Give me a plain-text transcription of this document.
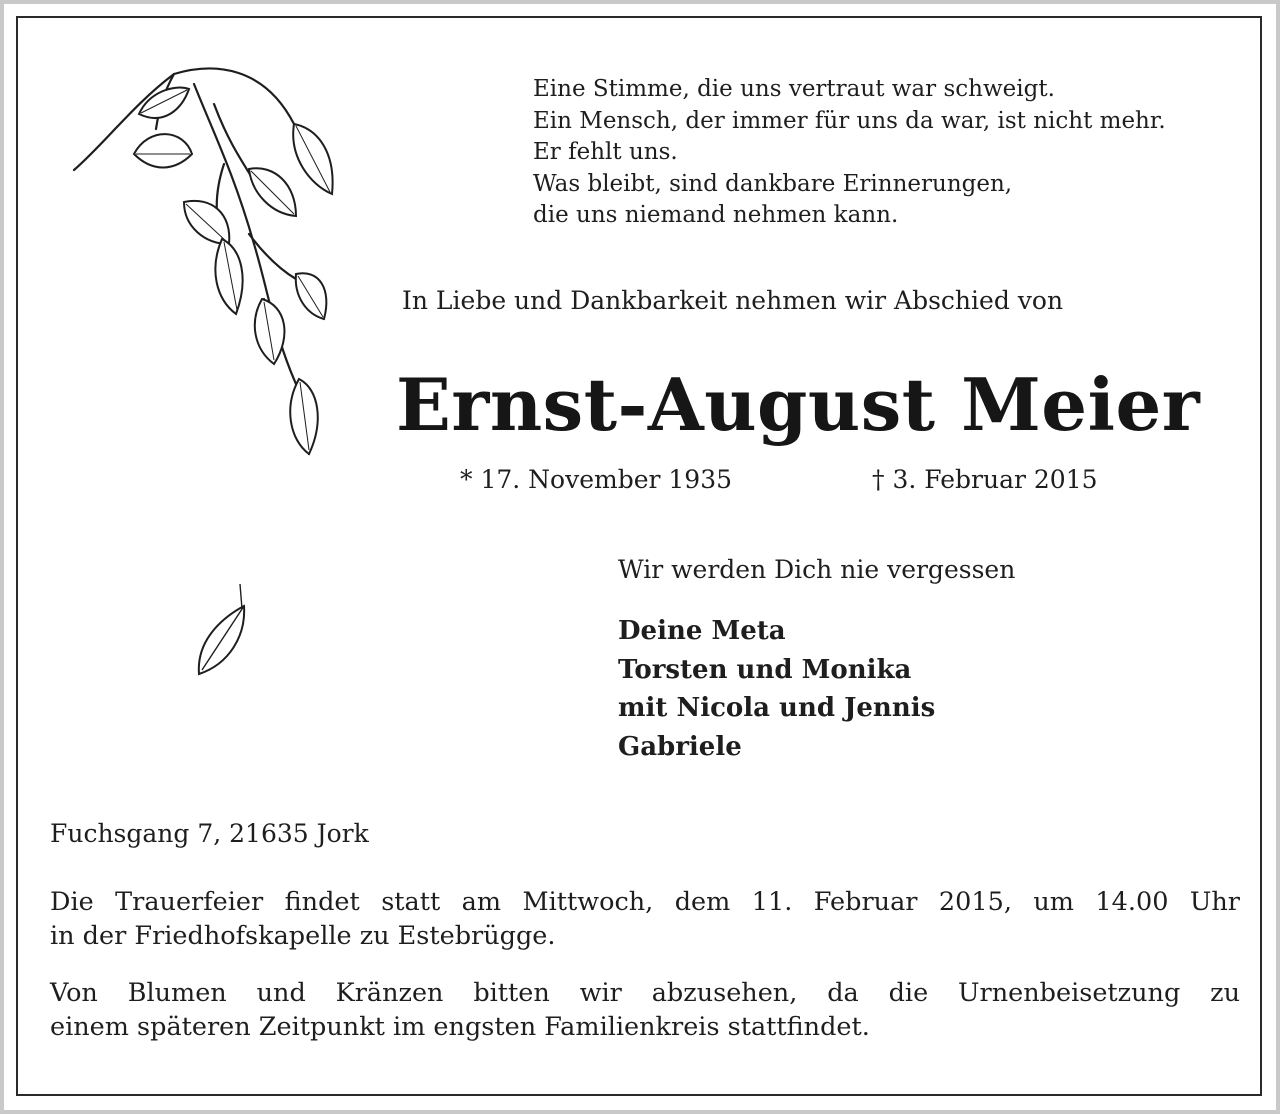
Eine Stimme, die uns vertraut war schweigt.
Ein Mensch, der immer für uns da war, ist nicht mehr.
Er fehlt uns.
Was bleibt, sind dankbare Erinnerungen,
die uns niemand nehmen kann.
In Liebe und Dankbarkeit nehmen wir Abschied von
Ernst-August Meier
* 17. November 1935	† 3. Februar 2015
Wir werden Dich nie vergessen
Deine Meta
Torsten und Monika
mit Nicola und Jennis
Gabriele
Fuchsgang 7, 21635 Jork
Die Trauerfeier findet statt am Mittwoch, dem 11. Februar 2015, um 14.00 Uhr
in der Friedhofskapelle zu Estebrügge.
Von Blumen und Kränzen bitten wir abzusehen, da die Urnenbeisetzung zu
einem späteren Zeitpunkt im engsten Familienkreis stattfindet.
